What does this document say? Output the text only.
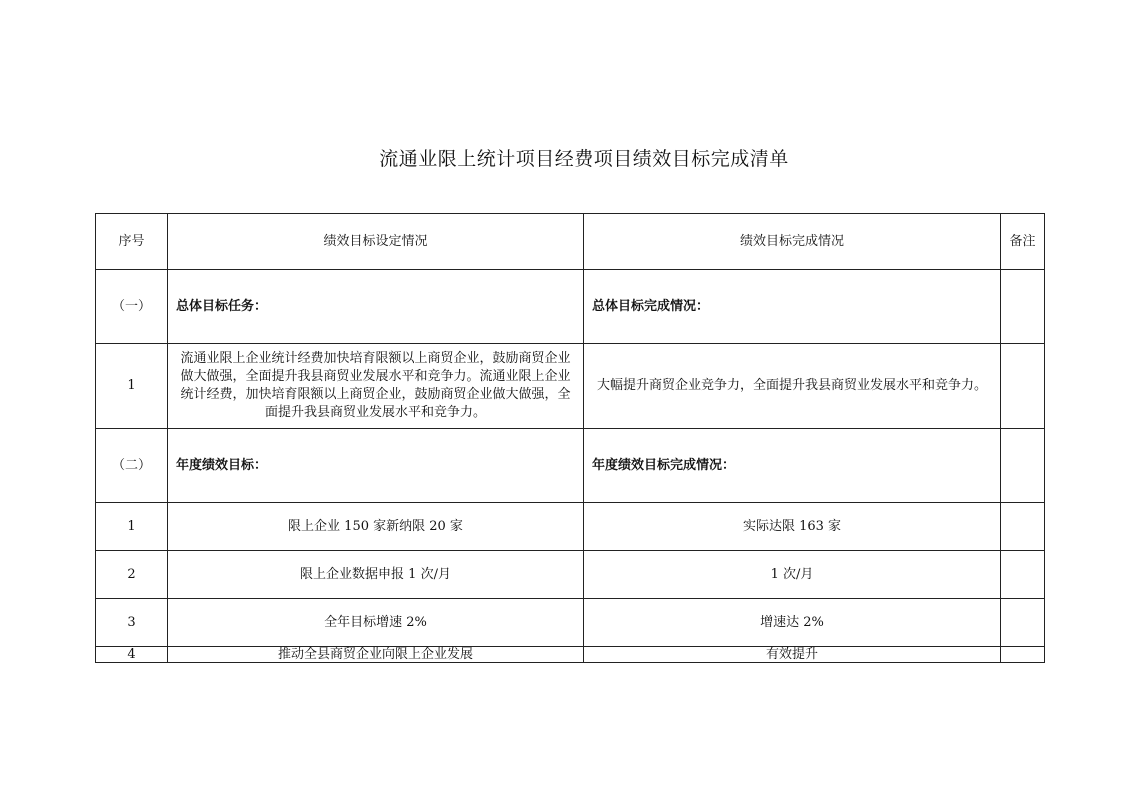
流通业限上统计项目经费项目绩效目标完成清单
序号	绩效目标设定情况	绩效目标完成情况	备注
（一）	总体目标任务：	总体目标完成情况：	
1	流通业限上企业统计经费加快培育限额以上商贸企业，鼓励商贸企业做大做强，全面提升我县商贸业发展水平和竞争力。流通业限上企业统计经费，加快培育限额以上商贸企业，鼓励商贸企业做大做强，全面提升我县商贸业发展水平和竞争力。	大幅提升商贸企业竞争力，全面提升我县商贸业发展水平和竞争力。	
（二）	年度绩效目标：	年度绩效目标完成情况：	
1	限上企业 150 家新纳限 20 家	实际达限 163 家	
2	限上企业数据申报 1 次/月	1 次/月	
3	全年目标增速 2%	增速达 2%	
4	推动全县商贸企业向限上企业发展	有效提升	
